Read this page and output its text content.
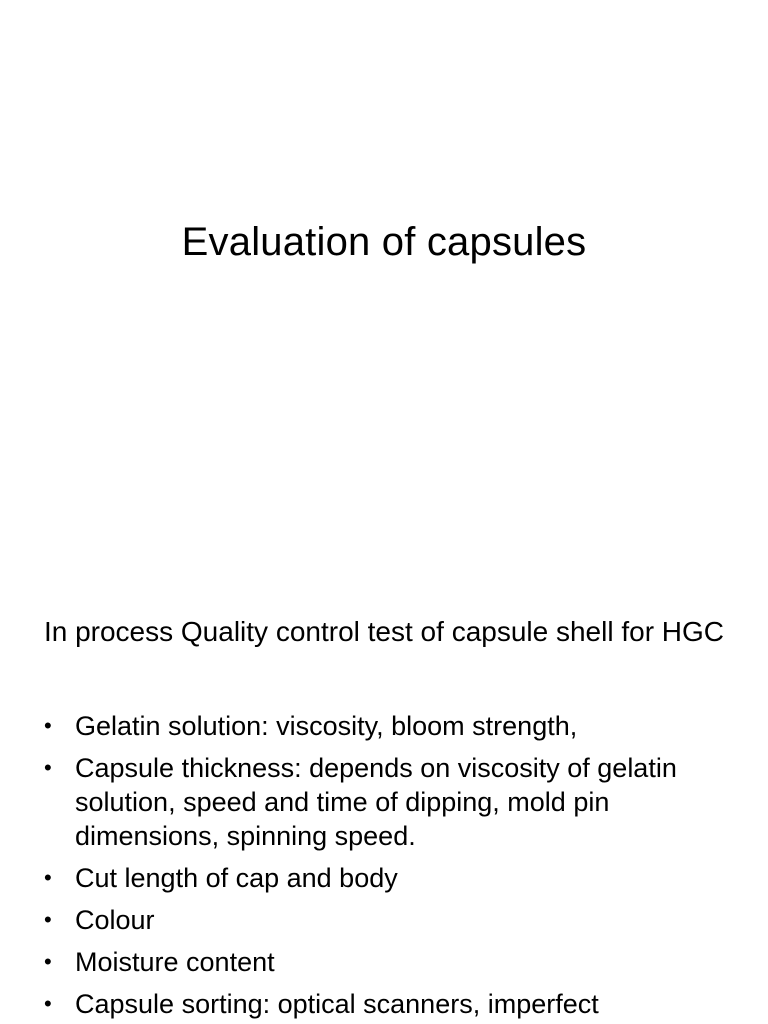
Evaluation of capsules
In process Quality control test of capsule shell for HGC
• Gelatin solution: viscosity, bloom strength,
• Capsule thickness: depends on viscosity of gelatin solution, speed and time of dipping, mold pin dimensions, spinning speed.
• Cut length of cap and body
• Colour
• Moisture content
• Capsule sorting: optical scanners, imperfect
